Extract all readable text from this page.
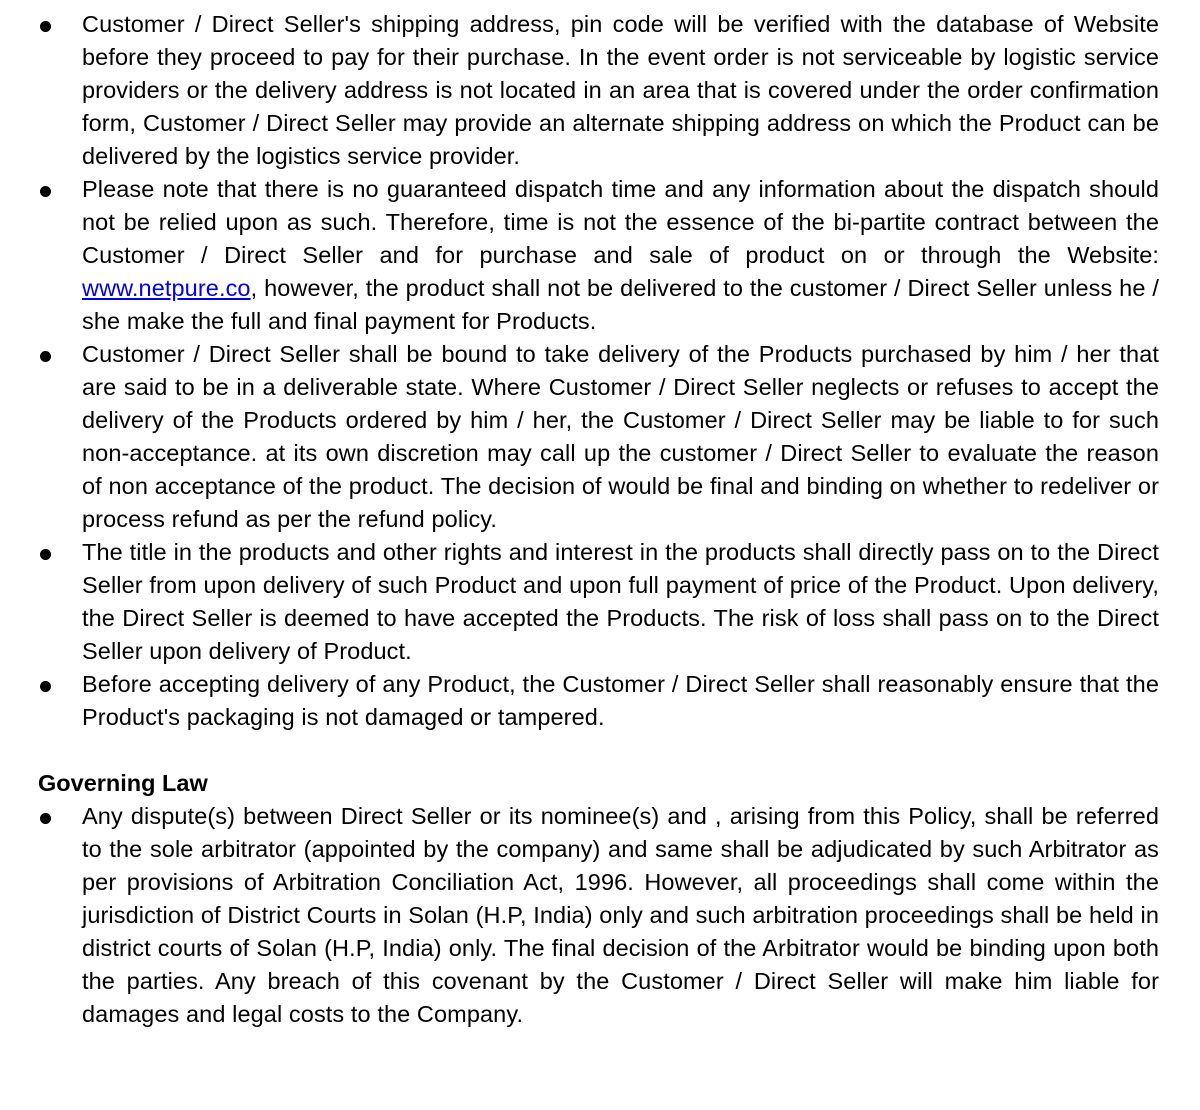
Customer / Direct Seller's shipping address, pin code will be verified with the database of Website before they proceed to pay for their purchase. In the event order is not serviceable by logistic service providers or the delivery address is not located in an area that is covered under the order confirmation form, Customer / Direct Seller may provide an alternate shipping address on which the Product can be delivered by the logistics service provider.
Please note that there is no guaranteed dispatch time and any information about the dispatch should not be relied upon as such. Therefore, time is not the essence of the bi-partite contract between the Customer / Direct Seller and for purchase and sale of product on or through the Website: www.netpure.co, however, the product shall not be delivered to the customer / Direct Seller unless he / she make the full and final payment for Products.
Customer / Direct Seller shall be bound to take delivery of the Products purchased by him / her that are said to be in a deliverable state. Where Customer / Direct Seller neglects or refuses to accept the delivery of the Products ordered by him / her, the Customer / Direct Seller may be liable to for such non-acceptance. at its own discretion may call up the customer / Direct Seller to evaluate the reason of non acceptance of the product. The decision of would be final and binding on whether to redeliver or process refund as per the refund policy.
The title in the products and other rights and interest in the products shall directly pass on to the Direct Seller from upon delivery of such Product and upon full payment of price of the Product. Upon delivery, the Direct Seller is deemed to have accepted the Products. The risk of loss shall pass on to the Direct Seller upon delivery of Product.
Before accepting delivery of any Product, the Customer / Direct Seller shall reasonably ensure that the Product's packaging is not damaged or tampered.
Governing Law
Any dispute(s) between Direct Seller or its nominee(s) and , arising from this Policy, shall be referred to the sole arbitrator (appointed by the company) and same shall be adjudicated by such Arbitrator as per provisions of Arbitration Conciliation Act, 1996. However, all proceedings shall come within the jurisdiction of District Courts in Solan (H.P, India) only and such arbitration proceedings shall be held in district courts of Solan (H.P, India) only. The final decision of the Arbitrator would be binding upon both the parties. Any breach of this covenant by the Customer / Direct Seller will make him liable for damages and legal costs to the Company.
